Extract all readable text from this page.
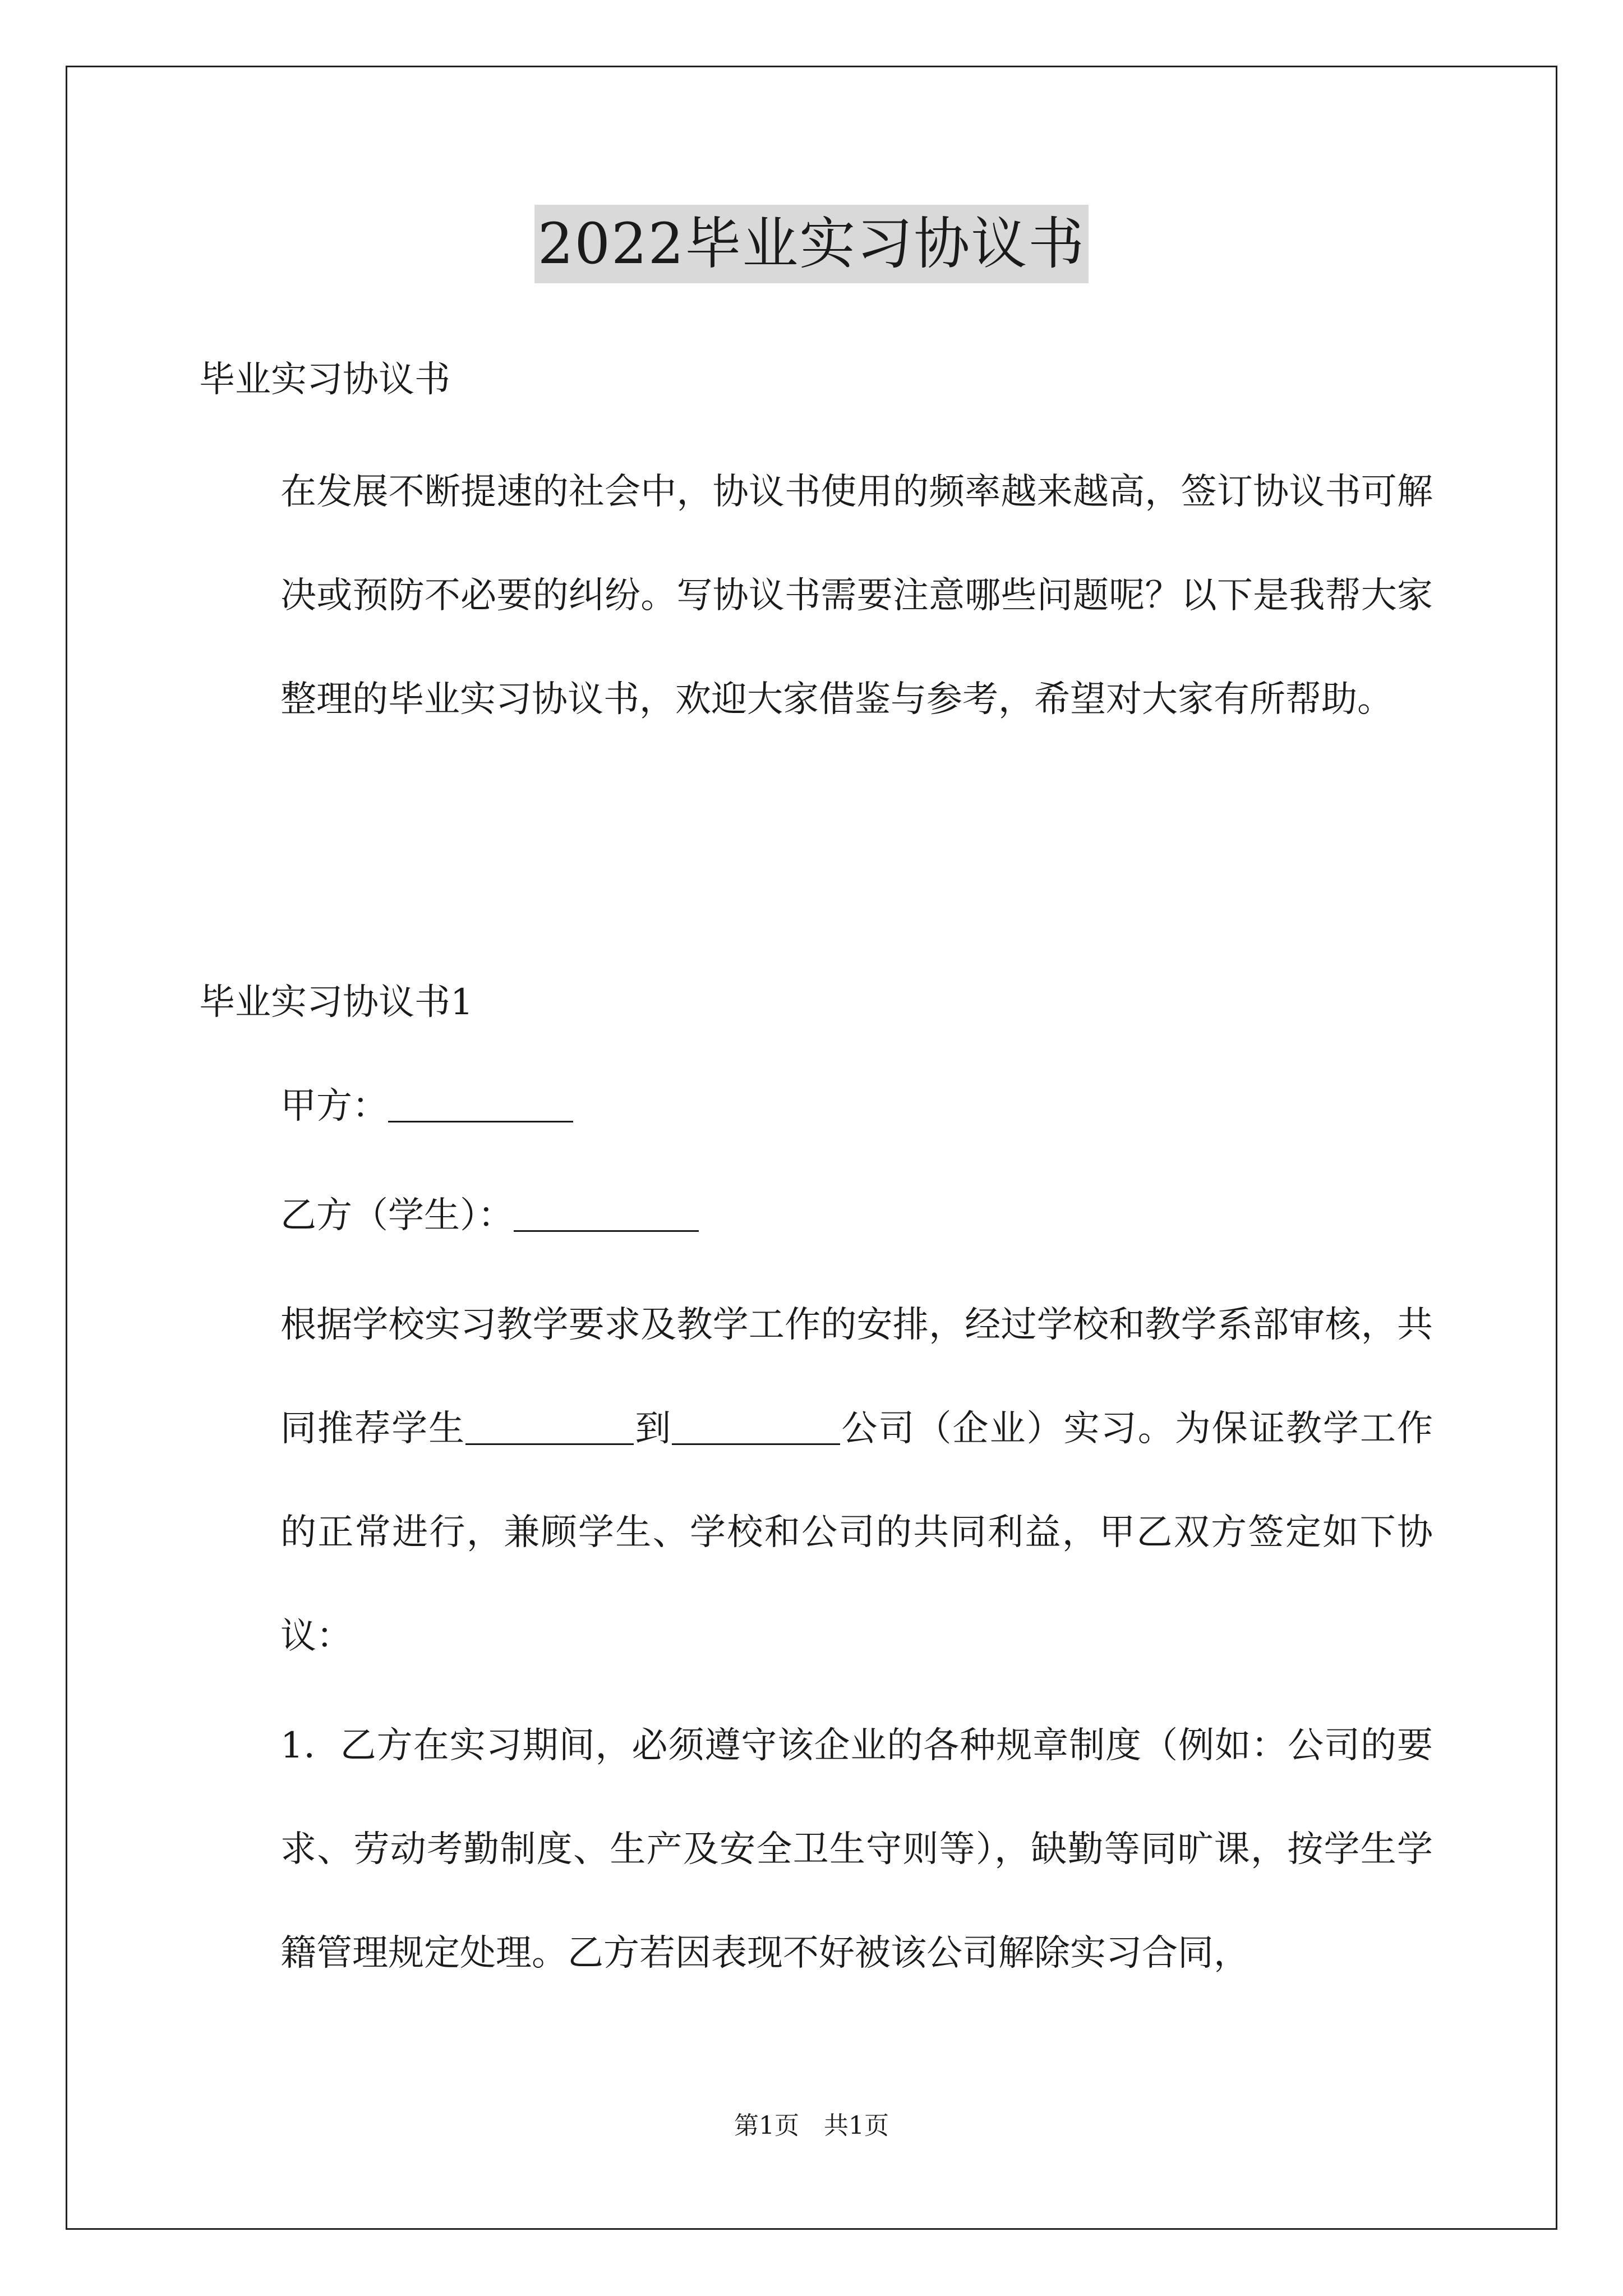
2022毕业实习协议书
毕业实习协议书
在发展不断提速的社会中，协议书使用的频率越来越高，签订协议书可解决或预防不必要的纠纷。写协议书需要注意哪些问题呢？以下是我帮大家整理的毕业实习协议书，欢迎大家借鉴与参考，希望对大家有所帮助。
毕业实习协议书1
甲方：
乙方（学生）：
根据学校实习教学要求及教学工作的安排，经过学校和教学系部审核，共同推荐学生	到	公司（企业）实习。为保证教学工作的正常进行，兼顾学生、学校和公司的共同利益，甲乙双方签定如下协议：
1．乙方在实习期间，必须遵守该企业的各种规章制度（例如：公司的要求、劳动考勤制度、生产及安全卫生守则等），缺勤等同旷课，按学生学籍管理规定处理。乙方若因表现不好被该公司解除实习合同，
第1页　共1页
